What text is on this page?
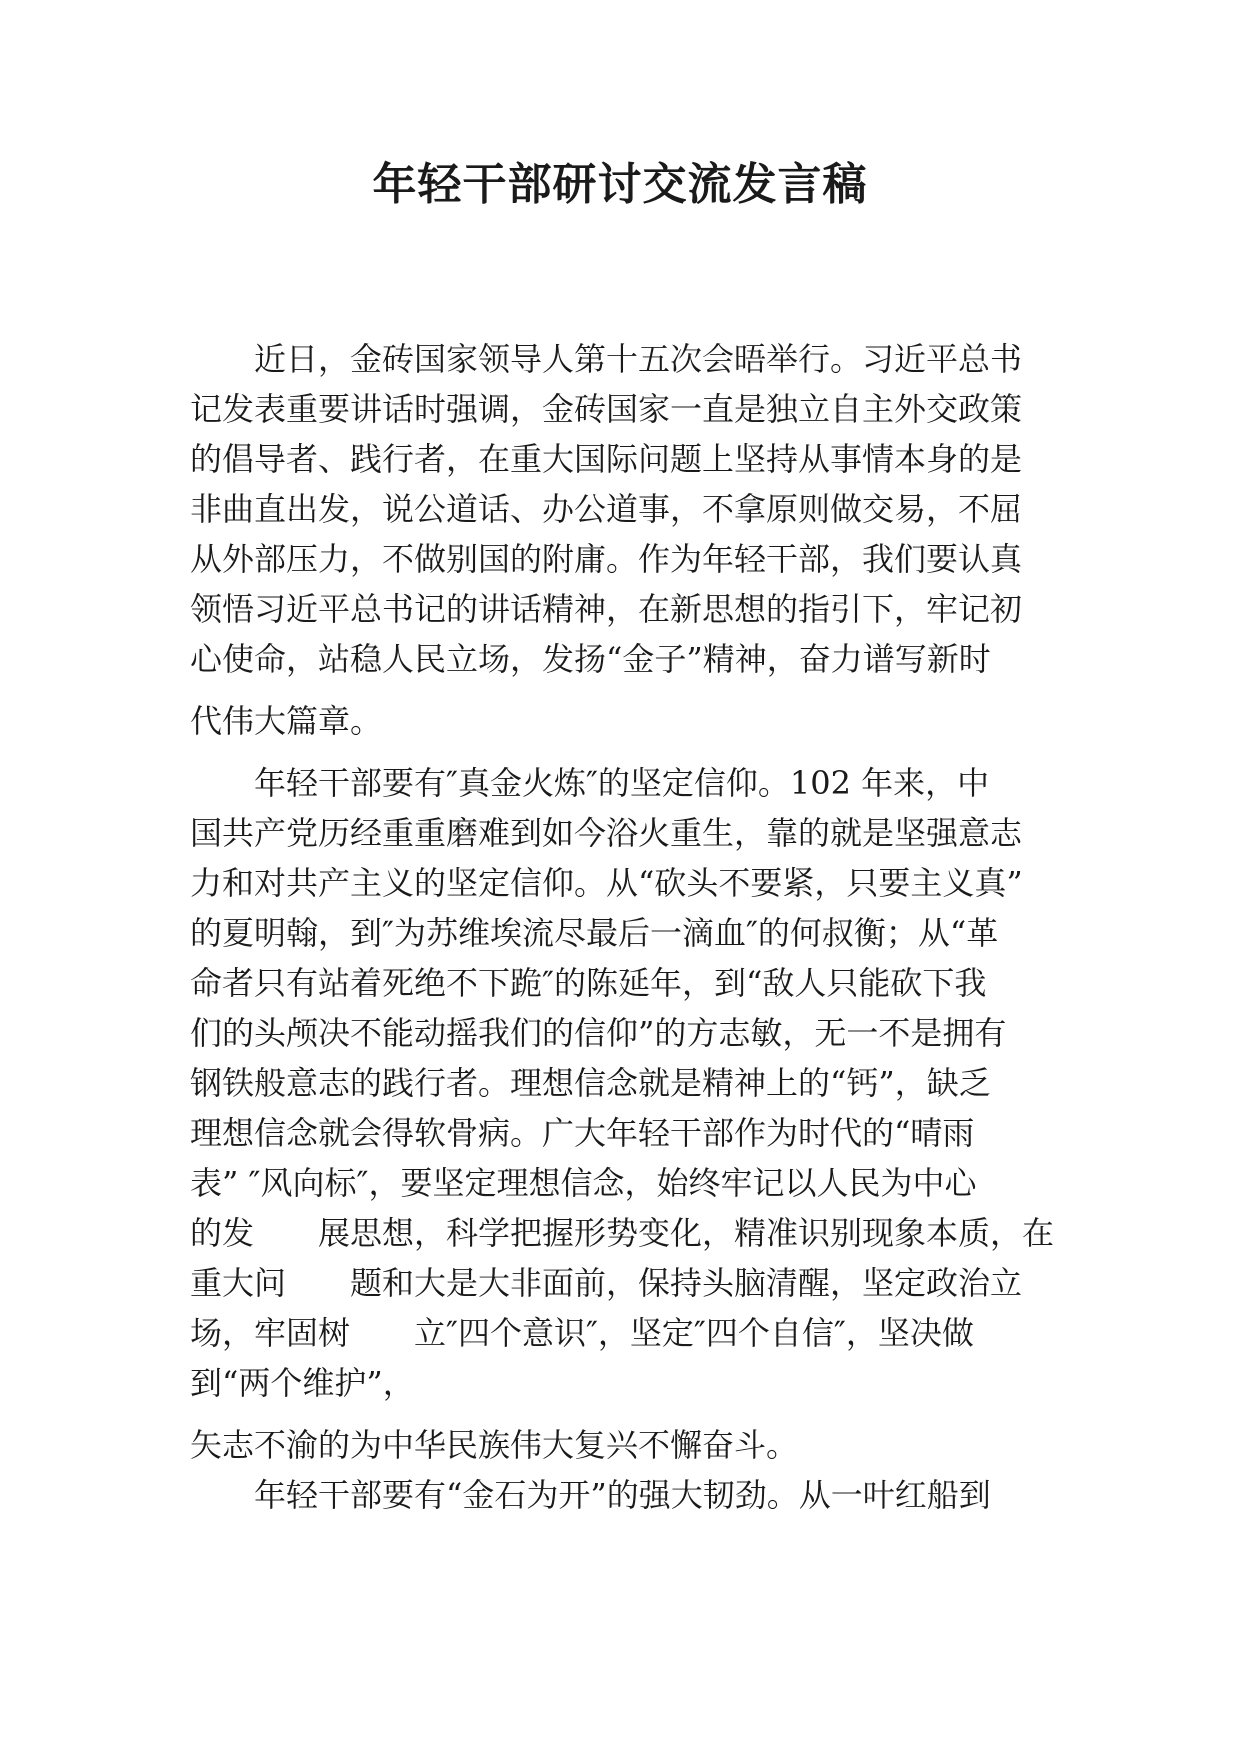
年轻干部研讨交流发言稿
近日，金砖国家领导人第十五次会晤举行。习近平总书
记发表重要讲话时强调，金砖国家一直是独立自主外交政策
的倡导者、践行者，在重大国际问题上坚持从事情本身的是
非曲直出发，说公道话、办公道事，不拿原则做交易，不屈
从外部压力，不做别国的附庸。作为年轻干部，我们要认真
领悟习近平总书记的讲话精神，在新思想的指引下，牢记初
心使命，站稳人民立场，发扬“金子”精神，奋力谱写新时
代伟大篇章。
年轻干部要有″真金火炼″的坚定信仰。102 年来，中
国共产党历经重重磨难到如今浴火重生，靠的就是坚强意志
力和对共产主义的坚定信仰。从“砍头不要紧，只要主义真”
的夏明翰，到″为苏维埃流尽最后一滴血″的何叔衡；从“革
命者只有站着死绝不下跪″的陈延年，到“敌人只能砍下我
们的头颅决不能动摇我们的信仰”的方志敏，无一不是拥有
钢铁般意志的践行者。理想信念就是精神上的“钙”，缺乏
理想信念就会得软骨病。广大年轻干部作为时代的“晴雨
表” ″风向标″，要坚定理想信念，始终牢记以人民为中心
的发　　展思想，科学把握形势变化，精准识别现象本质，在
重大问　　题和大是大非面前，保持头脑清醒，坚定政治立
场，牢固树　　立″四个意识″，坚定″四个自信″，坚决做
到“两个维护”，
矢志不渝的为中华民族伟大复兴不懈奋斗。
年轻干部要有“金石为开”的强大韧劲。从一叶红船到
